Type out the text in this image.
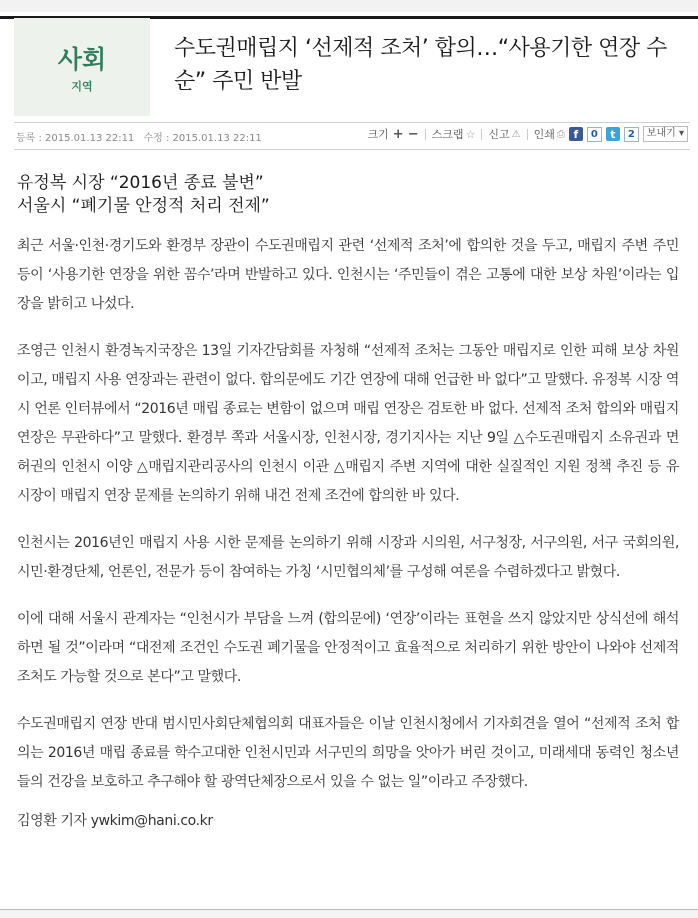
사회
지역
수도권매립지 ‘선제적 조처’ 합의…“사용기한 연장 수순” 주민 반발
등록 : 2015.01.13 22:11 수정 : 2015.01.13 22:11	크기 + − 스크랩 ☆ 신고 ⚠ 인쇄 ⎙ f	0	t	2	보내기 ▾
유정복 시장 “2016년 종료 불변”
서울시 “폐기물 안정적 처리 전제”

최근 서울·인천·경기도와 환경부 장관이 수도권매립지 관련 ‘선제적 조처’에 합의한 것을 두고, 매립지 주변 주민 등이 ‘사용기한 연장을 위한 꼼수’라며 반발하고 있다. 인천시는 ‘주민들이 겪은 고통에 대한 보상 차원’이라는 입장을 밝히고 나섰다.

조영근 인천시 환경녹지국장은 13일 기자간담회를 자청해 “선제적 조처는 그동안 매립지로 인한 피해 보상 차원이고, 매립지 사용 연장과는 관련이 없다. 합의문에도 기간 연장에 대해 언급한 바 없다”고 말했다. 유정복 시장 역시 언론 인터뷰에서 “2016년 매립 종료는 변함이 없으며 매립 연장은 검토한 바 없다. 선제적 조처 합의와 매립지 연장은 무관하다”고 말했다. 환경부 쪽과 서울시장, 인천시장, 경기지사는 지난 9일 △수도권매립지 소유권과 면허권의 인천시 이양 △매립지관리공사의 인천시 이관 △매립지 주변 지역에 대한 실질적인 지원 정책 추진 등 유 시장이 매립지 연장 문제를 논의하기 위해 내건 전제 조건에 합의한 바 있다.

인천시는 2016년인 매립지 사용 시한 문제를 논의하기 위해 시장과 시의원, 서구청장, 서구의원, 서구 국회의원, 시민·환경단체, 언론인, 전문가 등이 참여하는 가칭 ‘시민협의체’를 구성해 여론을 수렴하겠다고 밝혔다.

이에 대해 서울시 관계자는 “인천시가 부담을 느껴 (합의문에) ‘연장’이라는 표현을 쓰지 않았지만 상식선에 해석하면 될 것”이라며 “대전제 조건인 수도권 폐기물을 안정적이고 효율적으로 처리하기 위한 방안이 나와야 선제적 조처도 가능할 것으로 본다”고 말했다.

수도권매립지 연장 반대 범시민사회단체협의회 대표자들은 이날 인천시청에서 기자회견을 열어 “선제적 조처 합의는 2016년 매립 종료를 학수고대한 인천시민과 서구민의 희망을 앗아가 버린 것이고, 미래세대 동력인 청소년들의 건강을 보호하고 추구해야 할 광역단체장으로서 있을 수 없는 일”이라고 주장했다.

김영환 기자 ywkim@hani.co.kr
